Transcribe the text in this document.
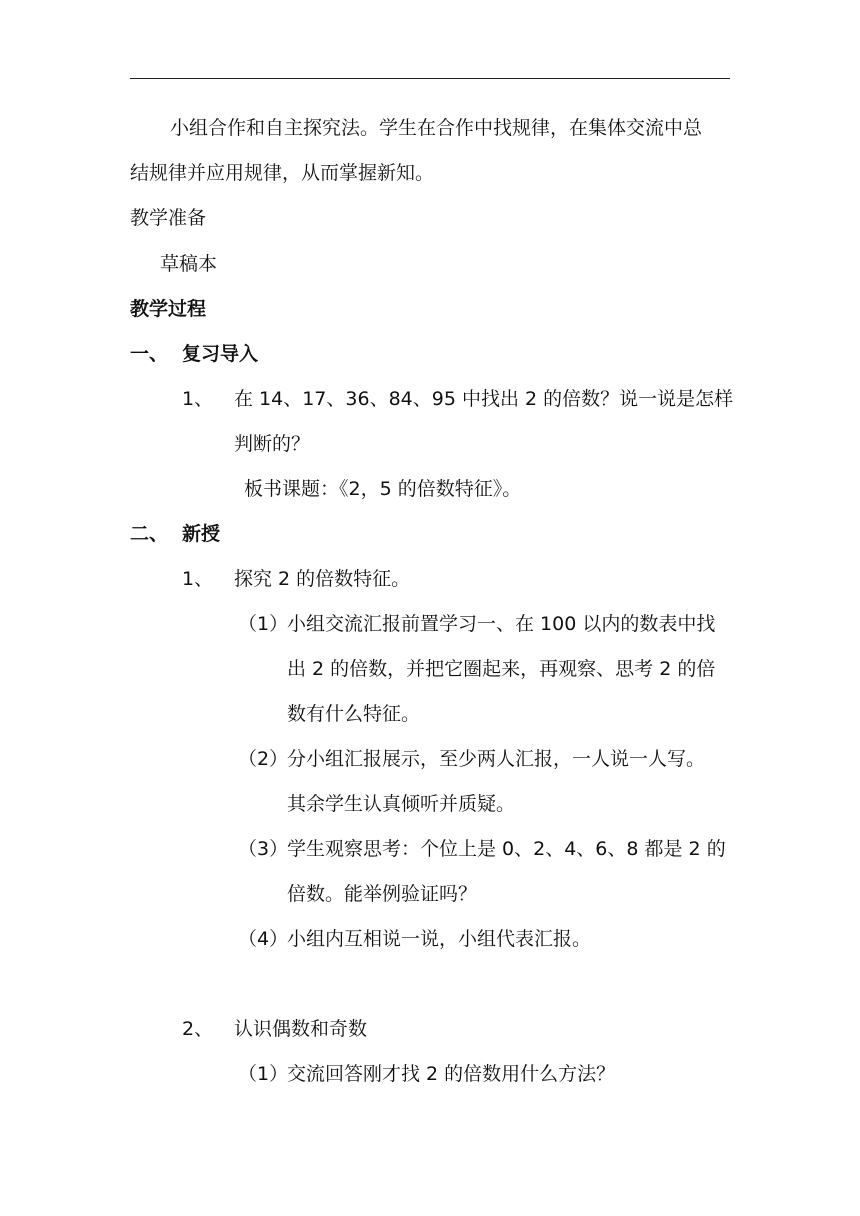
小组合作和自主探究法。学生在合作中找规律，在集体交流中总
结规律并应用规律，从而掌握新知。
教学准备
草稿本
教学过程
一、 复习导入
1、 在 14、17、36、84、95 中找出 2 的倍数？说一说是怎样
判断的？
板书课题：《2，5 的倍数特征》。
二、 新授
1、 探究 2 的倍数特征。
（1）
小组交流汇报前置学习一、在 100 以内的数表中找
出 2 的倍数，并把它圈起来，再观察、思考 2 的倍
数有什么特征。
（2）
分小组汇报展示，至少两人汇报，一人说一人写。
其余学生认真倾听并质疑。
（3）
学生观察思考：个位上是 0、2、4、6、8 都是 2 的
倍数。能举例验证吗？
（4）
小组内互相说一说，小组代表汇报。
2、 认识偶数和奇数
（1）
交流回答刚才找 2 的倍数用什么方法？
